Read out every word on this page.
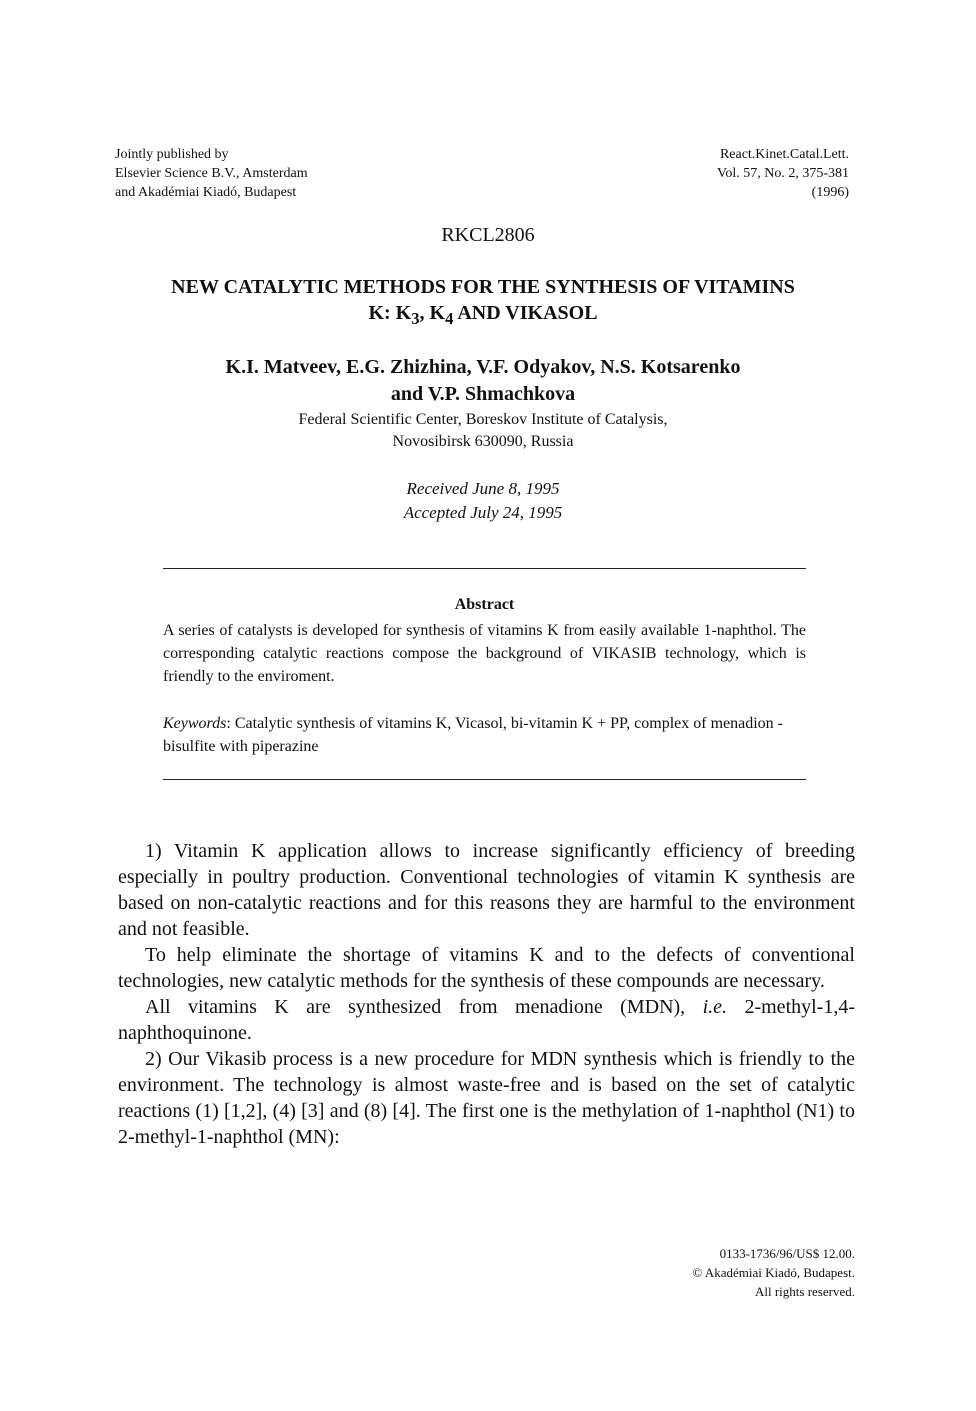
Jointly published by
Elsevier Science B.V., Amsterdam
and Akadémiai Kiadó, Budapest
React.Kinet.Catal.Lett.
Vol. 57, No. 2, 375-381
(1996)
RKCL2806
NEW CATALYTIC METHODS FOR THE SYNTHESIS OF VITAMINS
K: $K_3$, $K_4$ AND VIKASOL
K.I. Matveev, E.G. Zhizhina, V.F. Odyakov, N.S. Kotsarenko
and V.P. Shmachkova
Federal Scientific Center, Boreskov Institute of Catalysis,
Novosibirsk 630090, Russia
Received June 8, 1995
Accepted July 24, 1995
Abstract
A series of catalysts is developed for synthesis of vitamins K from easily available 1-naphthol. The corresponding catalytic reactions compose the background of VIKASIB technology, which is friendly to the enviroment.
Keywords: Catalytic synthesis of vitamins K, Vicasol, bi-vitamin K + PP, complex of menadion - bisulfite with piperazine

1) Vitamin K application allows to increase significantly efficiency of breeding especially in poultry production. Conventional technologies of vitamin K synthesis are based on non-catalytic reactions and for this reasons they are harmful to the environment and not feasible.

To help eliminate the shortage of vitamins K and to the defects of conventional technologies, new catalytic methods for the synthesis of these compounds are necessary.

All vitamins K are synthesized from menadione (MDN), i.e. 2-methyl-1,4-naphthoquinone.

2) Our Vikasib process is a new procedure for MDN synthesis which is friendly to the environment. The technology is almost waste-free and is based on the set of catalytic reactions (1) [1,2], (4) [3] and (8) [4]. The first one is the methylation of 1-naphthol (N1) to 2-methyl-1-naphthol (MN):

0133-1736/96/US$ 12.00.
© Akadémiai Kiadó, Budapest.
All rights reserved.
